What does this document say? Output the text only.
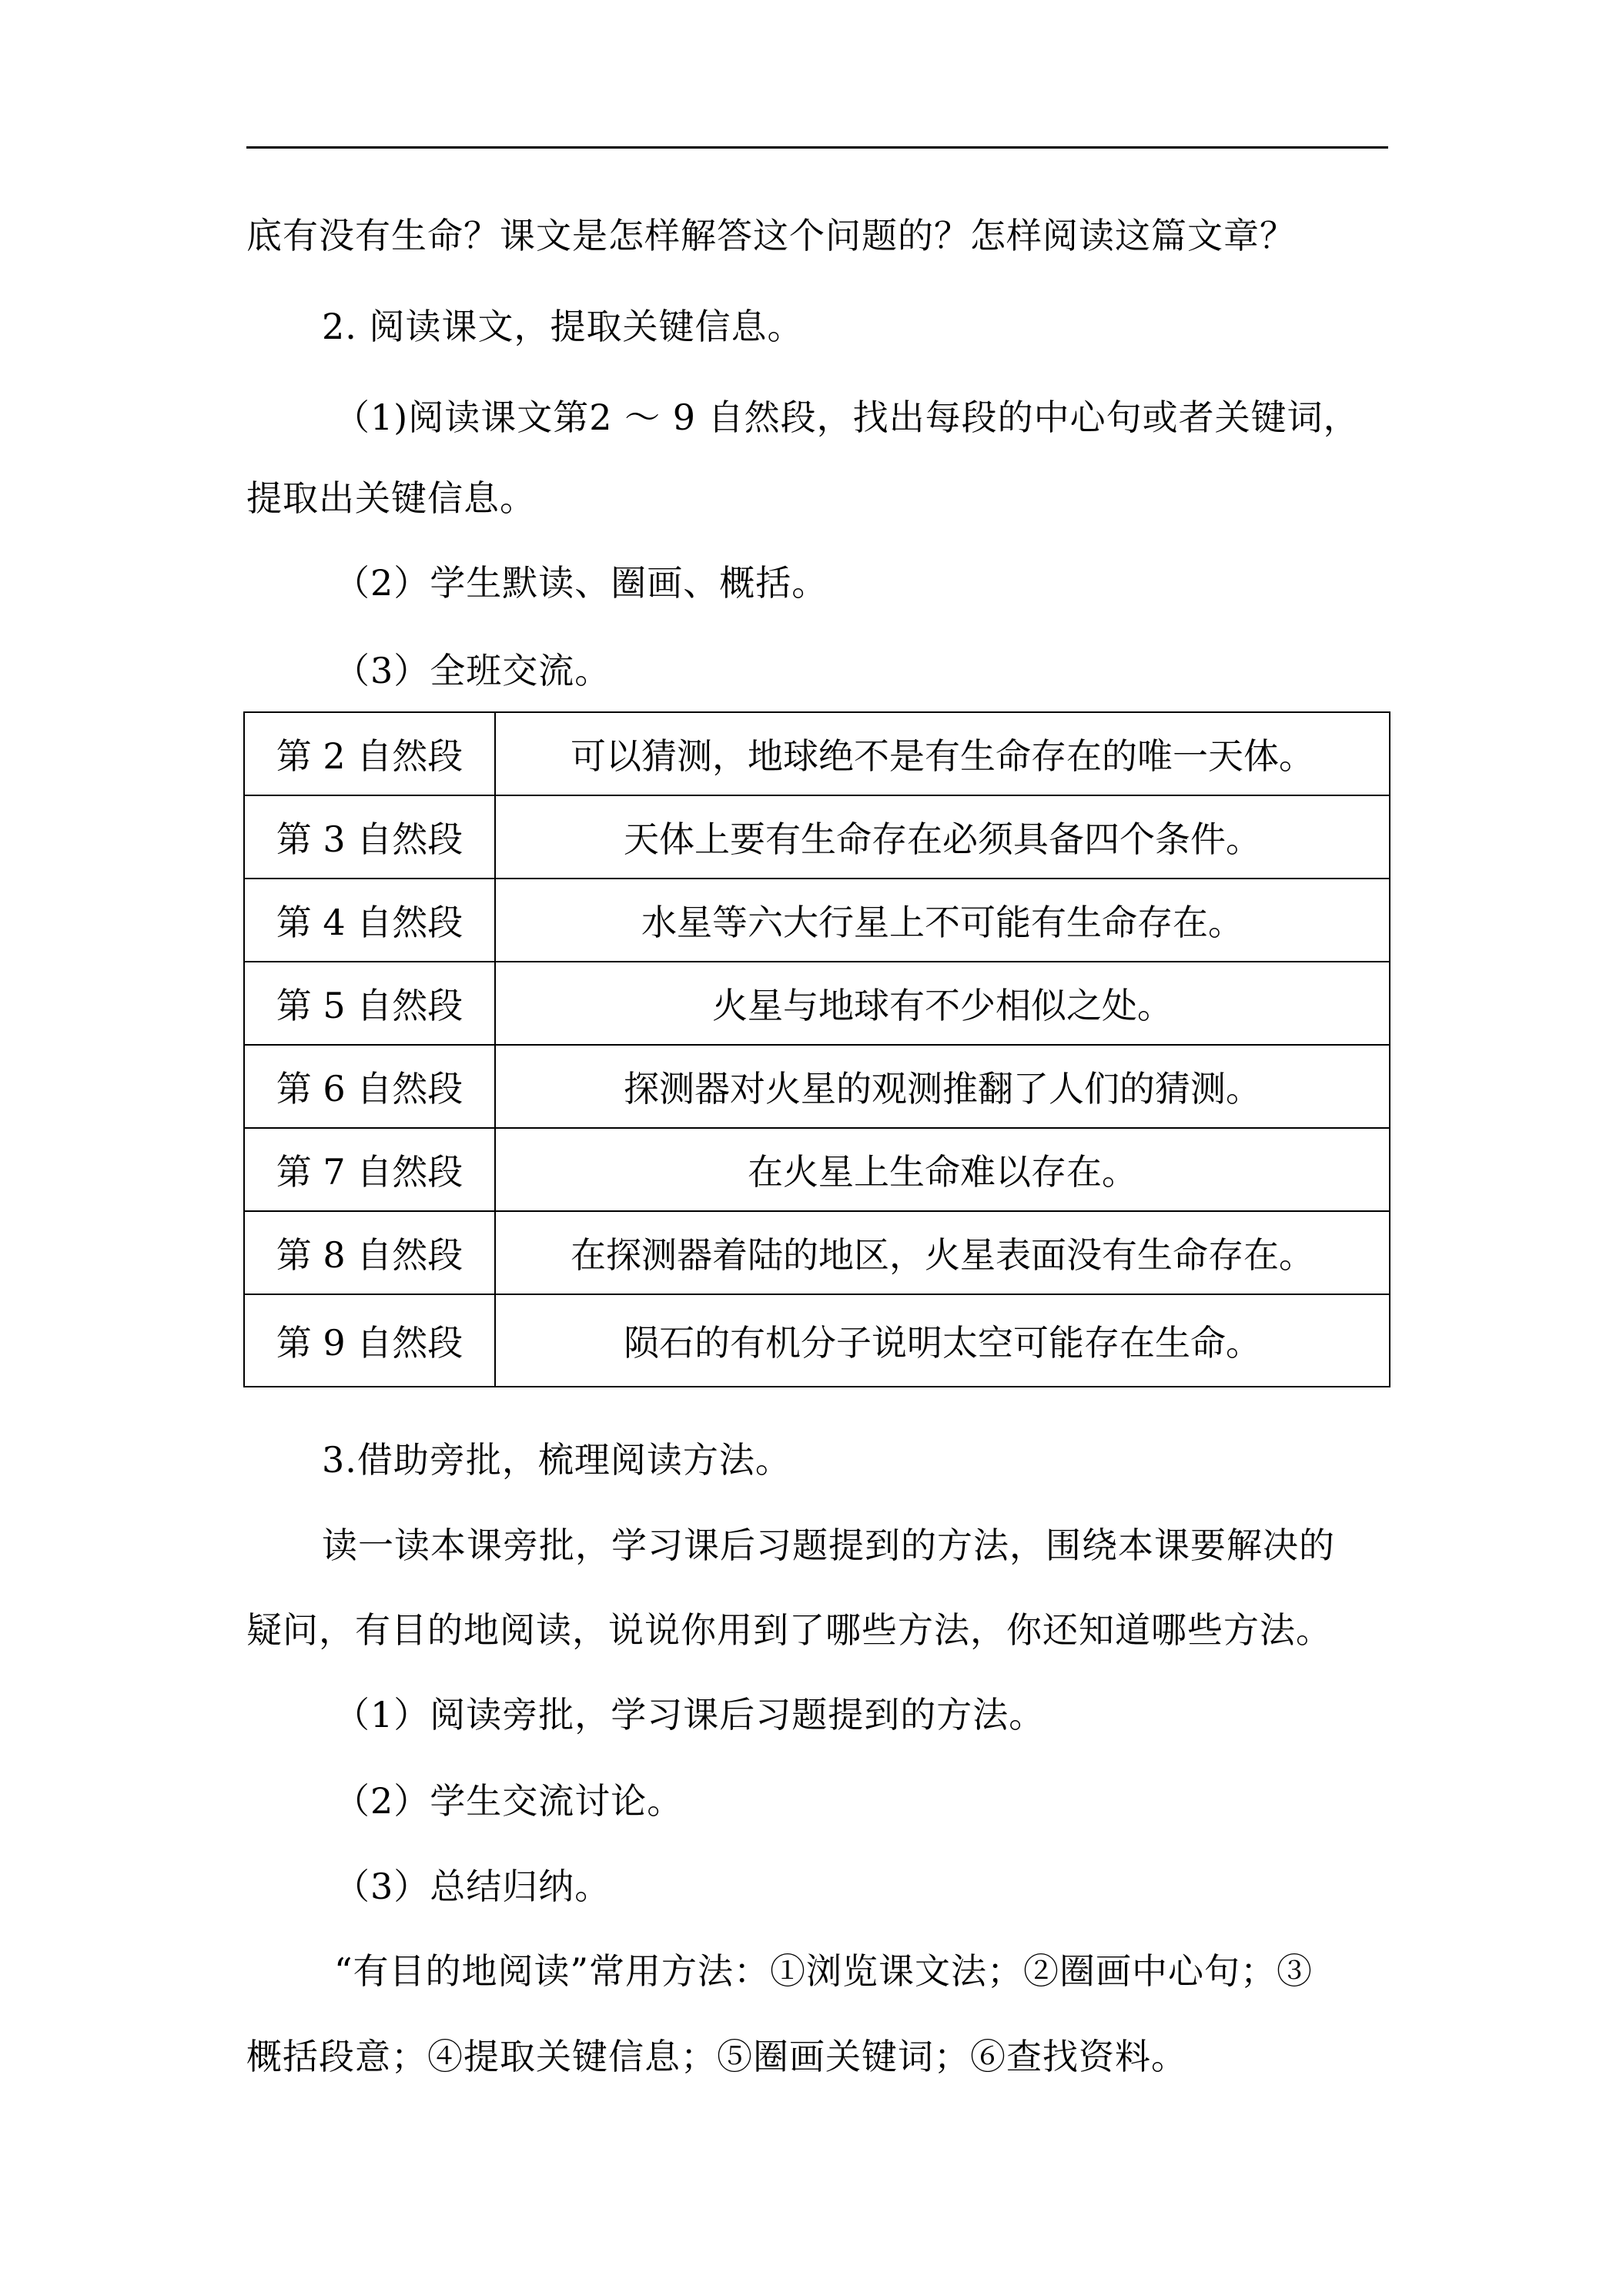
底有没有生命？课文是怎样解答这个问题的？怎样阅读这篇文章？
2. 阅读课文，提取关键信息。
（1)阅读课文第2 ～ 9 自然段，找出每段的中心句或者关键词，
提取出关键信息。
（2）学生默读、圈画、概括。
（3）全班交流。
第 2 自然段	可以猜测，地球绝不是有生命存在的唯一天体。
第 3 自然段	天体上要有生命存在必须具备四个条件。
第 4 自然段	水星等六大行星上不可能有生命存在。
第 5 自然段	火星与地球有不少相似之处。
第 6 自然段	探测器对火星的观测推翻了人们的猜测。
第 7 自然段	在火星上生命难以存在。
第 8 自然段	在探测器着陆的地区，火星表面没有生命存在。
第 9 自然段	陨石的有机分子说明太空可能存在生命。
3.借助旁批，梳理阅读方法。
读一读本课旁批，学习课后习题提到的方法，围绕本课要解决的
疑问，有目的地阅读，说说你用到了哪些方法，你还知道哪些方法。
（1）阅读旁批，学习课后习题提到的方法。
（2）学生交流讨论。
（3）总结归纳。
“有目的地阅读”常用方法：①浏览课文法；②圈画中心句；③
概括段意；④提取关键信息；⑤圈画关键词；⑥查找资料。
